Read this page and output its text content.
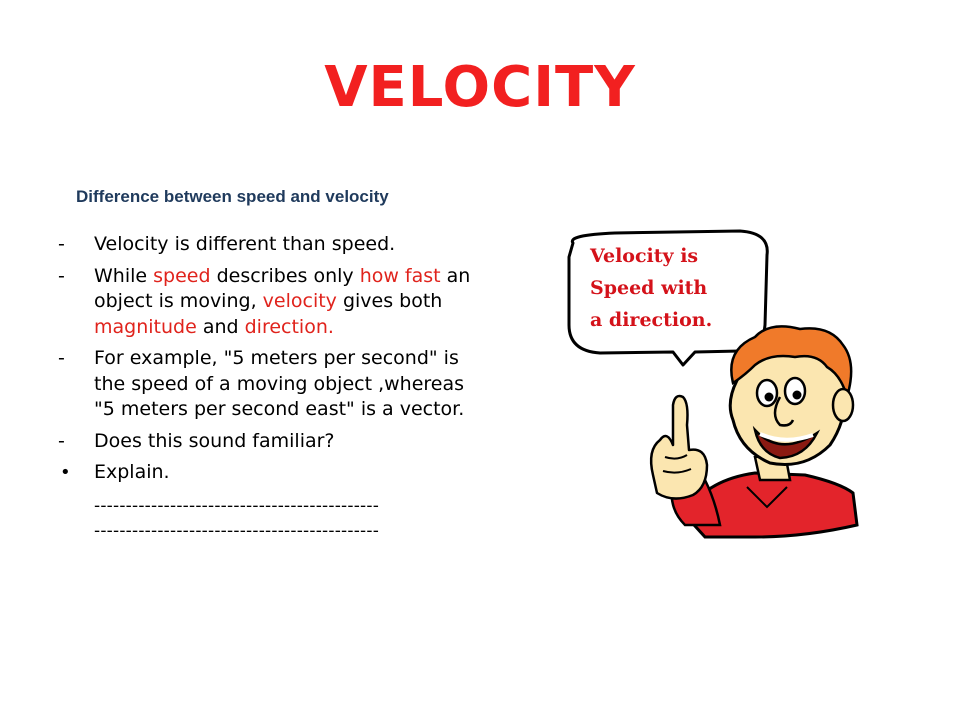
VELOCITY
Difference between speed and velocity
-	Velocity is different than speed.
-	While speed describes only how fast an object is moving, velocity gives both magnitude and direction.
-	For example, "5 meters per second" is the speed of a moving object ,whereas "5 meters per second east" is a vector.
-	Does this sound familiar?
•	Explain.
---------------------------------------------
---------------------------------------------
Velocity is
Speed with
a direction.
